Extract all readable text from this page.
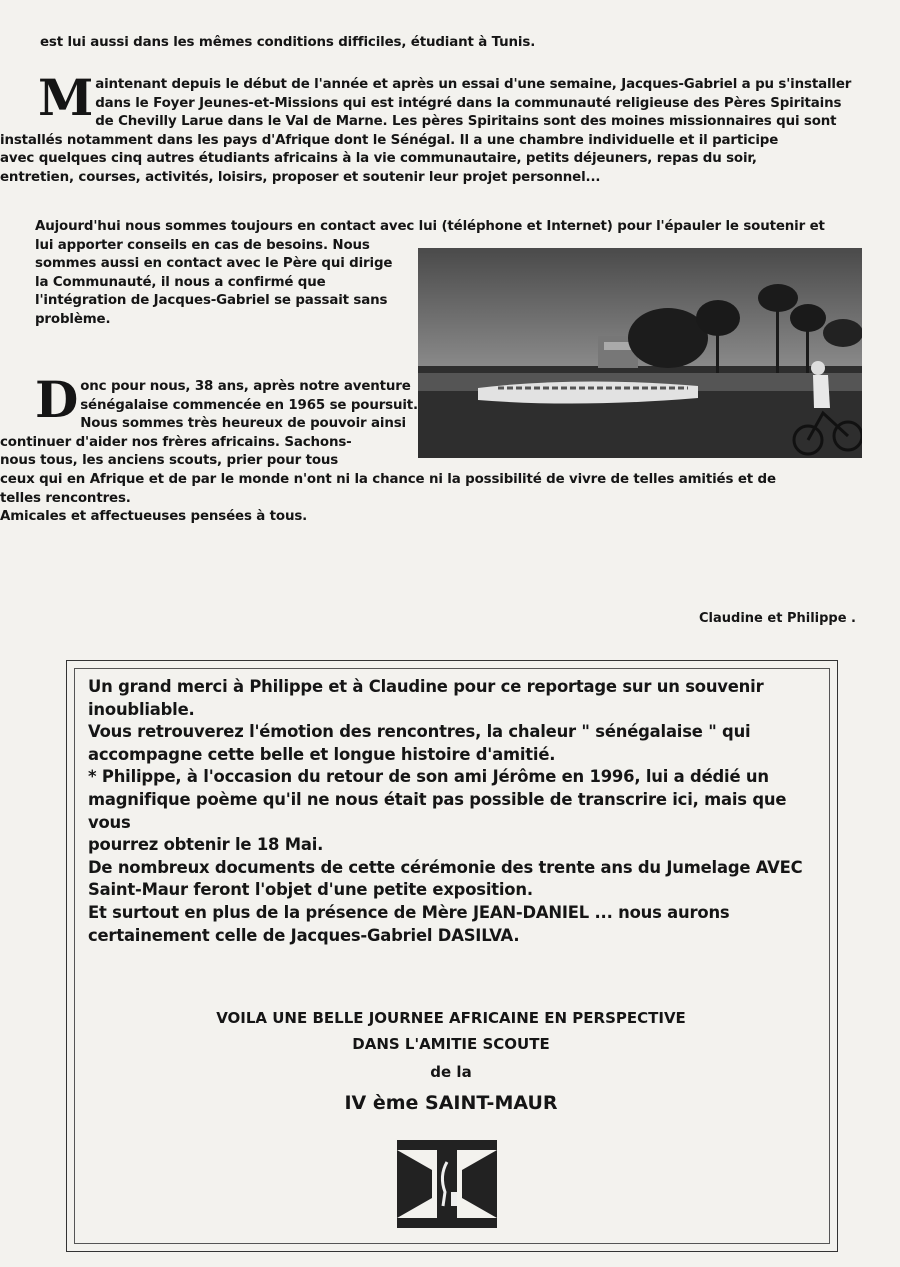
est lui aussi dans les mêmes conditions difficiles, étudiant à Tunis.
M aintenant depuis le début de l'année et après un essai d'une semaine, Jacques-Gabriel a pu s'installer
dans le Foyer Jeunes-et-Missions qui est intégré dans la communauté religieuse des Pères Spiritains
de Chevilly Larue dans le Val de Marne. Les pères Spiritains sont des moines missionnaires qui sont
installés notamment dans les pays d'Afrique dont le Sénégal. Il a une chambre individuelle et il participe
avec quelques cinq autres étudiants africains à la vie communautaire, petits déjeuners, repas du soir,
entretien, courses, activités, loisirs, proposer et soutenir leur projet personnel...
Aujourd'hui nous sommes toujours en contact avec lui (téléphone et Internet) pour l'épauler le soutenir et
lui apporter conseils en cas de besoins. Nous
sommes aussi en contact avec le Père qui dirige
la Communauté, il nous a confirmé que
l'intégration de Jacques-Gabriel se passait sans
problème.
D onc pour nous, 38 ans, après notre aventure
sénégalaise commencée en 1965 se poursuit.
Nous sommes très heureux de pouvoir ainsi
continuer d'aider nos frères africains. Sachons-
nous tous, les anciens scouts, prier pour tous
ceux qui en Afrique et de par le monde n'ont ni la chance ni la possibilité de vivre de telles amitiés et de
telles rencontres.
Amicales et affectueuses pensées à tous.
Claudine et Philippe .

Un grand merci à Philippe et à Claudine pour ce reportage sur un souvenir

inoubliable.

Vous retrouverez l'émotion des rencontres, la chaleur " sénégalaise " qui

accompagne cette belle et longue histoire d'amitié.

* Philippe, à l'occasion du retour de son ami Jérôme en 1996, lui a dédié un

magnifique poème qu'il ne nous était pas possible de transcrire ici, mais que vous

pourrez obtenir le 18 Mai.

De nombreux documents de cette cérémonie des trente ans du Jumelage AVEC

Saint-Maur feront l'objet d'une petite exposition.

Et surtout en plus de la présence de Mère JEAN-DANIEL ... nous aurons

certainement celle de Jacques-Gabriel DASILVA.

VOILA UNE BELLE JOURNEE AFRICAINE EN PERSPECTIVE
DANS L'AMITIE SCOUTE
de la
IV ème SAINT-MAUR
